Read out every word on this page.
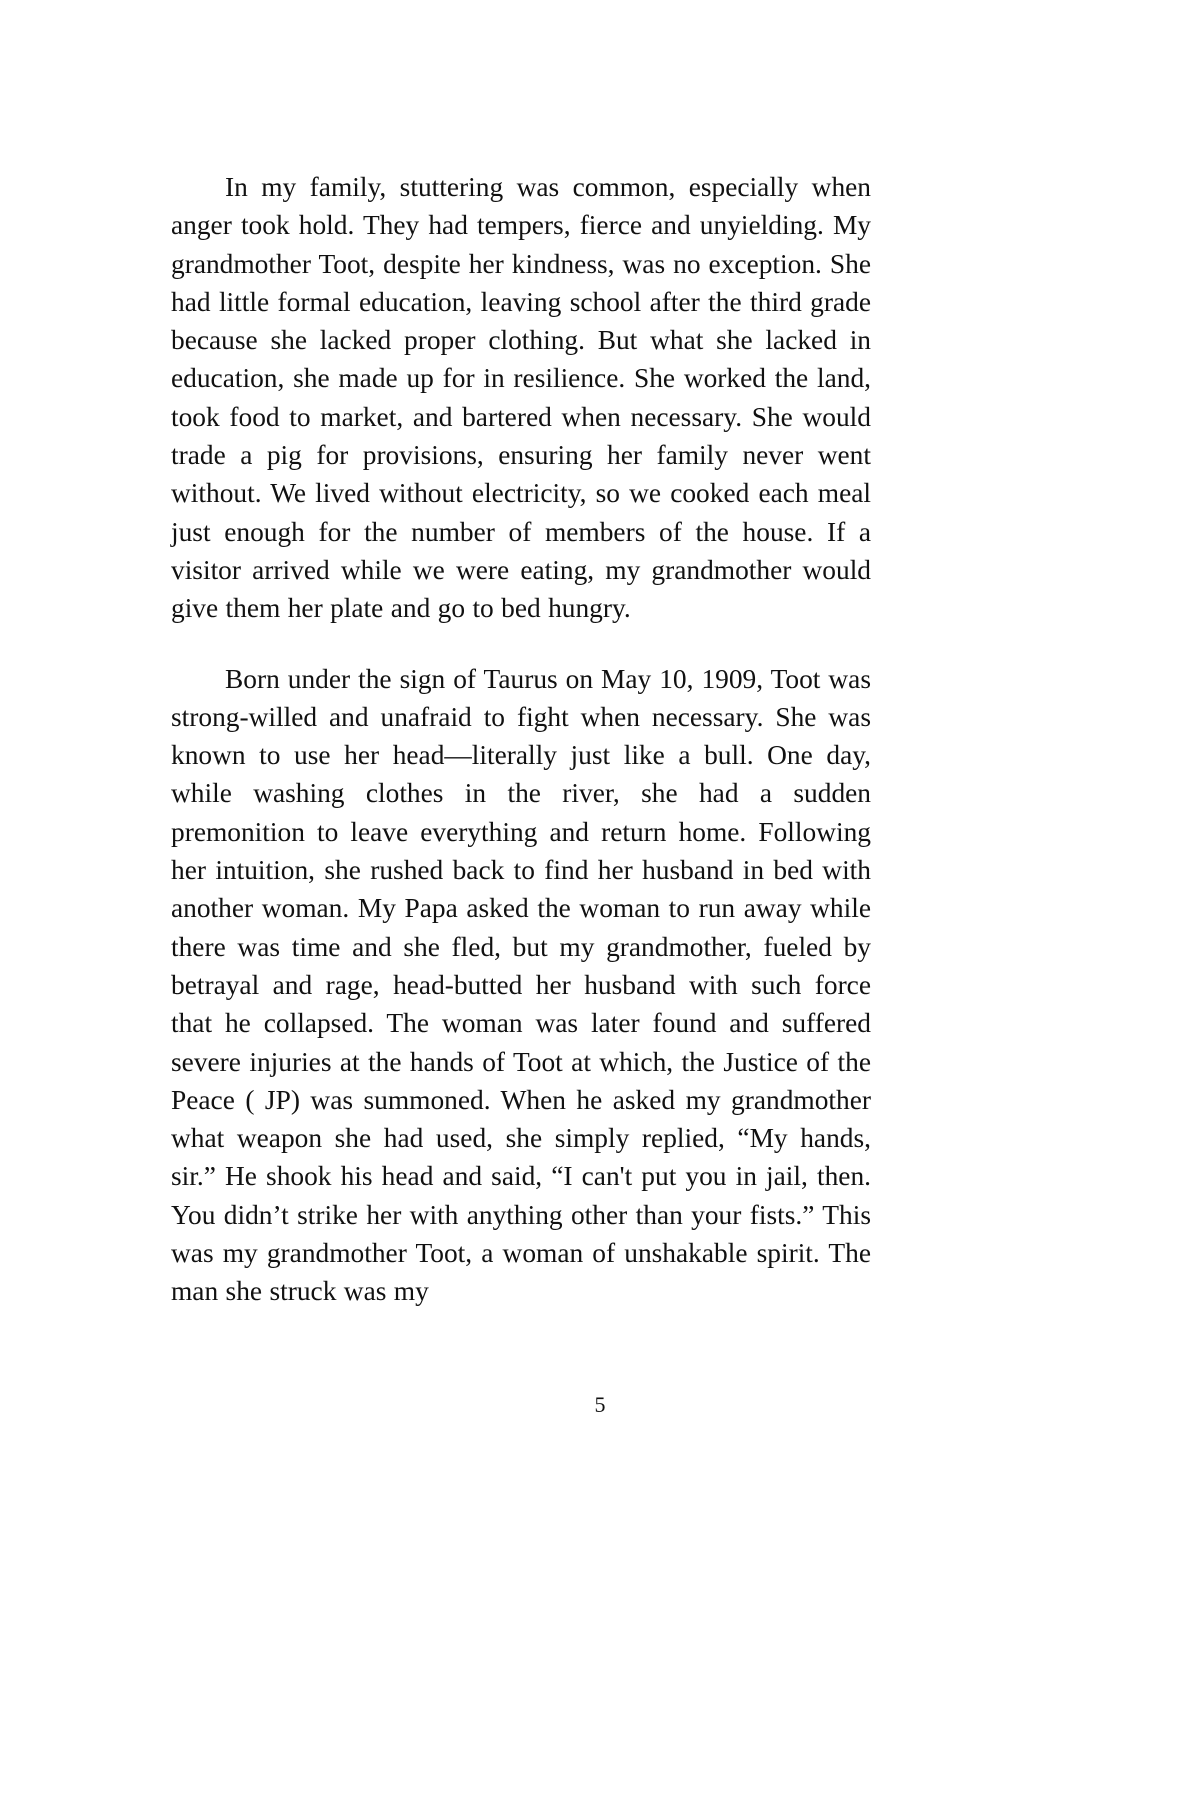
In my family, stuttering was common, especially when anger took hold. They had tempers, fierce and unyielding. My grandmother Toot, despite her kindness, was no exception. She had little formal education, leaving school after the third grade because she lacked proper clothing. But what she lacked in education, she made up for in resilience. She worked the land, took food to market, and bartered when necessary. She would trade a pig for provisions, ensuring her family never went without. We lived without electricity, so we cooked each meal just enough for the number of members of the house. If a visitor arrived while we were eating, my grandmother would give them her plate and go to bed hungry.

Born under the sign of Taurus on May 10, 1909, Toot was strong-willed and unafraid to fight when necessary. She was known to use her head—literally just like a bull. One day, while washing clothes in the river, she had a sudden premonition to leave everything and return home. Following her intuition, she rushed back to find her husband in bed with another woman. My Papa asked the woman to run away while there was time and she fled, but my grandmother, fueled by betrayal and rage, head-butted her husband with such force that he collapsed. The woman was later found and suffered severe injuries at the hands of Toot at which, the Justice of the Peace ( JP) was summoned. When he asked my grandmother what weapon she had used, she simply replied, “My hands, sir.” He shook his head and said, “I can't put you in jail, then. You didn’t strike her with anything other than your fists.” This was my grandmother Toot, a woman of unshakable spirit. The man she struck was my

5
